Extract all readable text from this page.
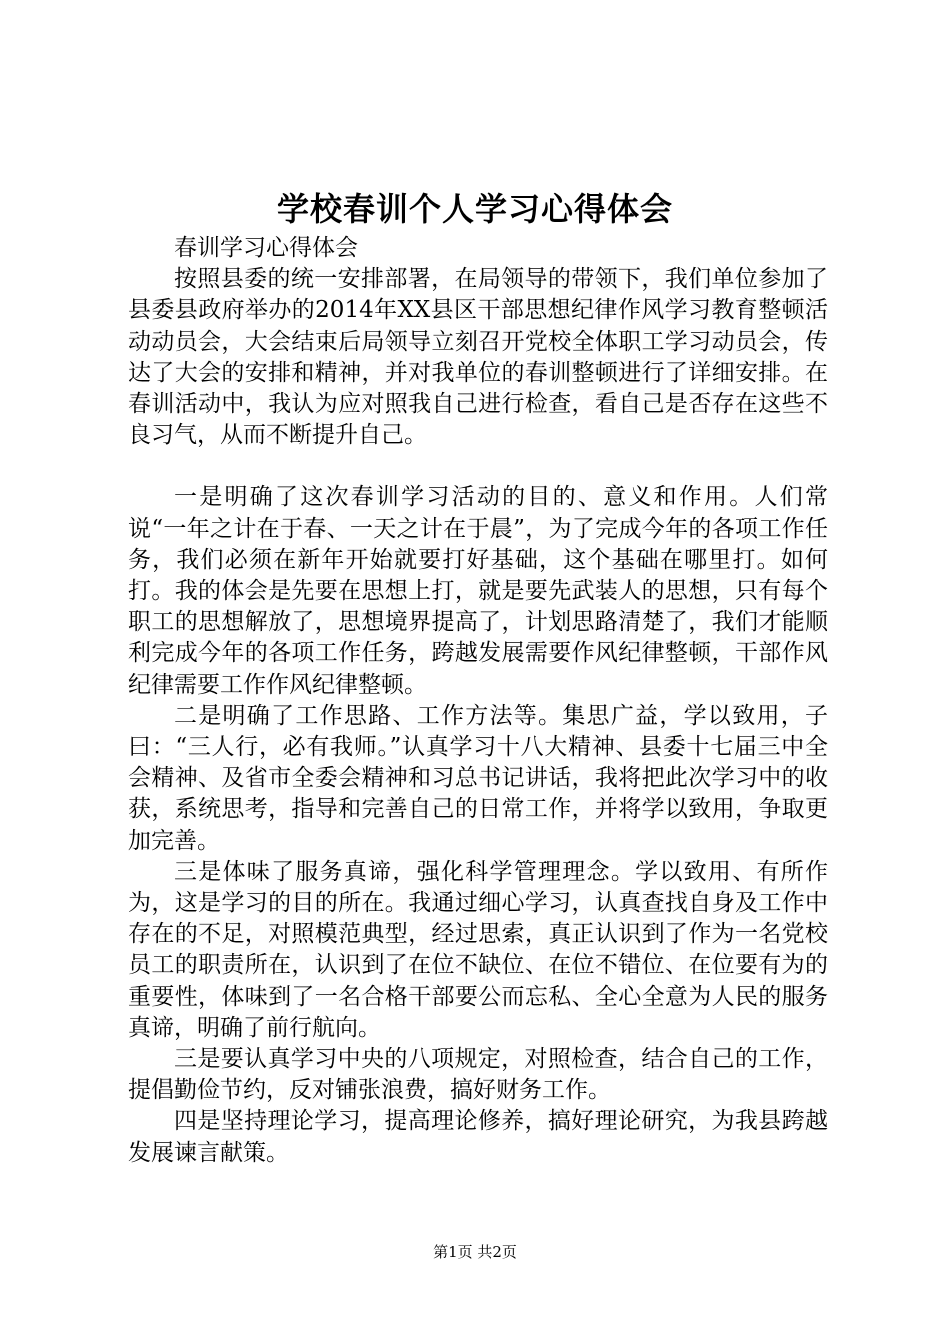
学校春训个人学习心得体会

春训学习心得体会

按照县委的统一安排部署，在局领导的带领下，我们单位参加了县委县政府举办的2014年XX县区干部思想纪律作风学习教育整顿活动动员会，大会结束后局领导立刻召开党校全体职工学习动员会，传达了大会的安排和精神，并对我单位的春训整顿进行了详细安排。在春训活动中，我认为应对照我自己进行检查，看自己是否存在这些不良习气，从而不断提升自己。

一是明确了这次春训学习活动的目的、意义和作用。人们常说“一年之计在于春、一天之计在于晨”，为了完成今年的各项工作任务，我们必须在新年开始就要打好基础，这个基础在哪里打。如何打。我的体会是先要在思想上打，就是要先武装人的思想，只有每个职工的思想解放了，思想境界提高了，计划思路清楚了，我们才能顺利完成今年的各项工作任务，跨越发展需要作风纪律整顿，干部作风纪律需要工作作风纪律整顿。

二是明确了工作思路、工作方法等。集思广益，学以致用，子曰：“三人行，必有我师。”认真学习十八大精神、县委十七届三中全会精神、及省市全委会精神和习总书记讲话，我将把此次学习中的收获，系统思考，指导和完善自己的日常工作，并将学以致用，争取更加完善。

三是体味了服务真谛，强化科学管理理念。学以致用、有所作为，这是学习的目的所在。我通过细心学习，认真查找自身及工作中存在的不足，对照模范典型，经过思索，真正认识到了作为一名党校员工的职责所在，认识到了在位不缺位、在位不错位、在位要有为的重要性，体味到了一名合格干部要公而忘私、全心全意为人民的服务真谛，明确了前行航向。

三是要认真学习中央的八项规定，对照检查，结合自己的工作，提倡勤俭节约，反对铺张浪费，搞好财务工作。

四是坚持理论学习，提高理论修养，搞好理论研究，为我县跨越发展谏言献策。

第1页 共2页
